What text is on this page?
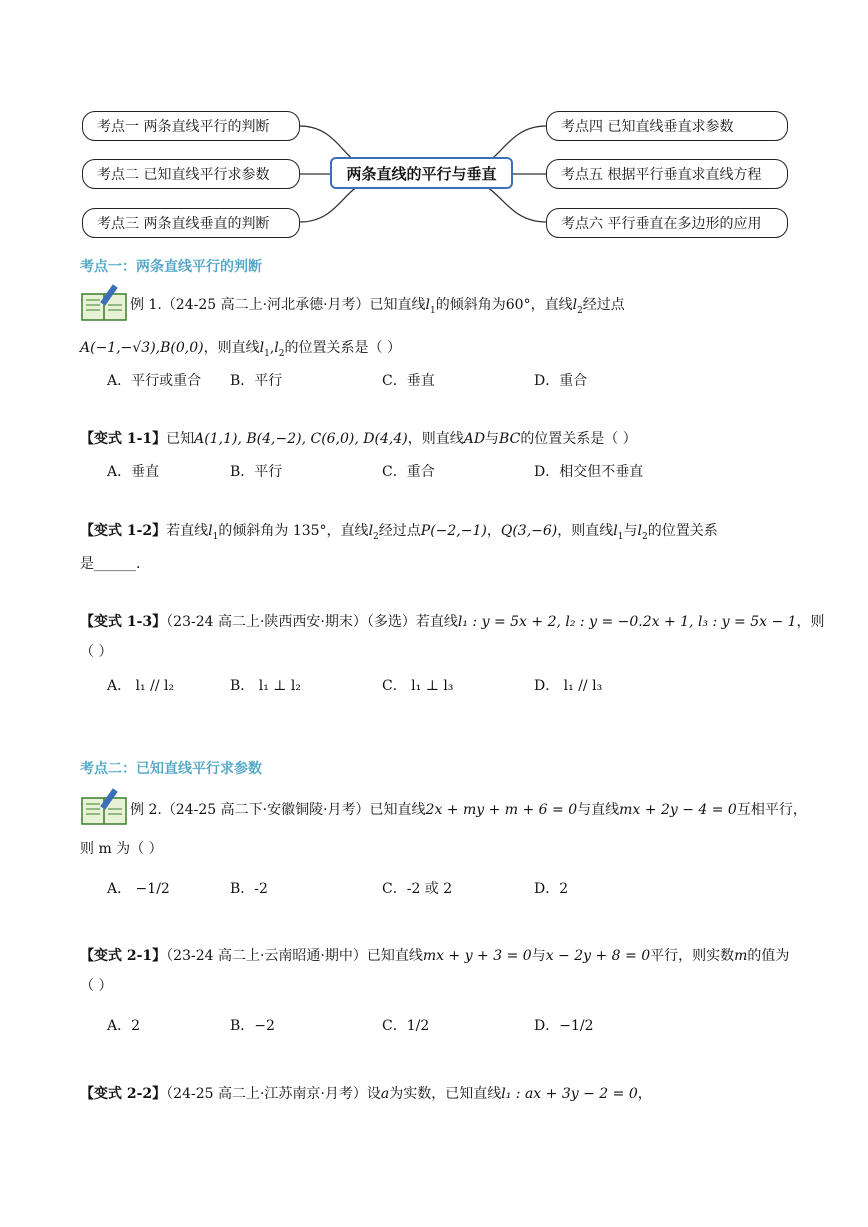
考点一 两条直线平行的判断
考点二 已知直线平行求参数
考点三 两条直线垂直的判断
两条直线的平行与垂直
考点四 已知直线垂直求参数
考点五 根据平行垂直求直线方程
考点六 平行垂直在多边形的应用
考点一：两条直线平行的判断
例 1.（24-25 高二上·河北承德·月考）已知直线$l_1$的倾斜角为60°，直线$l_2$经过点
A(−1,−√3),B(0,0)，则直线$l_1,l_2$的位置关系是（ ）
A．平行或重合 B．平行	C．垂直	D．重合
【变式 1-1】已知A(1,1), B(4,−2), C(6,0), D(4,4)，则直线AD与BC的位置关系是（ ）
A．垂直	B．平行	C．重合	D．相交但不垂直
【变式 1-2】若直线$l_1$的倾斜角为 135°，直线$l_2$经过点P(−2,−1)，Q(3,−6)，则直线$l_1$与$l_2$的位置关系
是______.
【变式 1-3】（23-24 高二上·陕西西安·期末）（多选）若直线l₁ : y = 5x + 2, l₂ : y = −0.2x + 1, l₃ : y = 5x − 1，则
（ ）
A． l₁ // l₂	B． l₁ ⊥ l₂	C． l₁ ⊥ l₃	D． l₁ // l₃
考点二：已知直线平行求参数
例 2.（24-25 高二下·安徽铜陵·月考）已知直线2x + my + m + 6 = 0与直线mx + 2y − 4 = 0互相平行，
则 m 为（ ）
A． −1/2	B．-2	C．-2 或 2	D．2
【变式 2-1】（23-24 高二上·云南昭通·期中）已知直线mx + y + 3 = 0与x − 2y + 8 = 0平行，则实数m的值为
（ ）
A．2	B．−2	C．1/2	D．−1/2
【变式 2-2】（24-25 高二上·江苏南京·月考）设a为实数，已知直线l₁ : ax + 3y − 2 = 0，
